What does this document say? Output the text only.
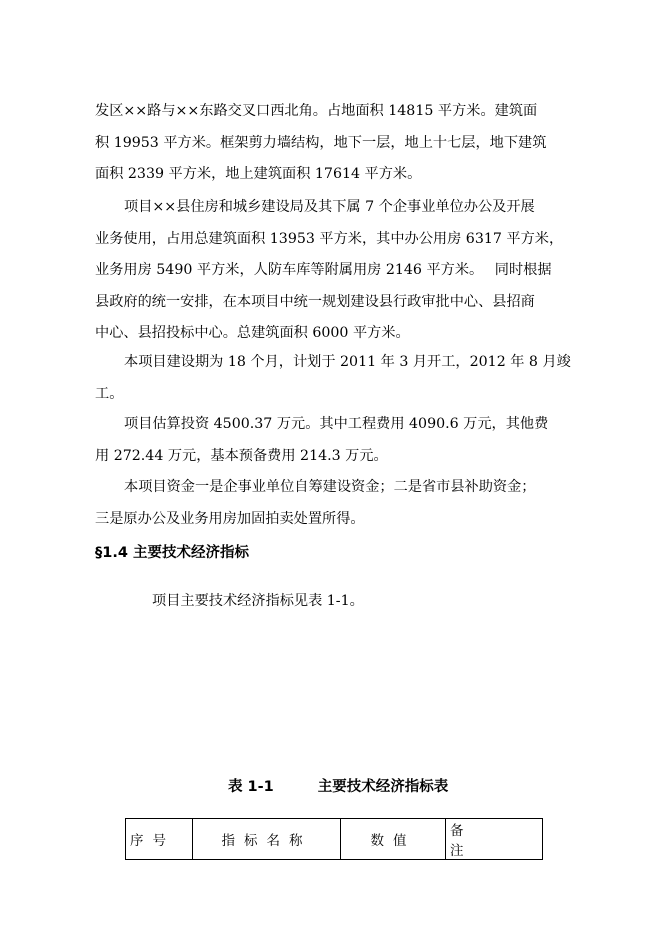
发区××路与××东路交叉口西北角。占地面积 14815 平方米。建筑面
积 19953 平方米。框架剪力墙结构，地下一层，地上十七层，地下建筑
面积 2339 平方米，地上建筑面积 17614 平方米。

项目××县住房和城乡建设局及其下属 7 个企事业单位办公及开展
业务使用，占用总建筑面积 13953 平方米，其中办公用房 6317 平方米，
业务用房 5490 平方米，人防车库等附属用房 2146 平方米。　 同时根据
县政府的统一安排，在本项目中统一规划建设县行政审批中心、县招商
中心、县招投标中心。总建筑面积 6000 平方米。

本项目建设期为 18 个月，计划于 2011 年 3 月开工，2012 年 8 月竣
工。

项目估算投资 4500.37 万元。其中工程费用 4090.6 万元，其他费
用 272.44 万元，基本预备费用 214.3 万元。

本项目资金一是企事业单位自筹建设资金；二是省市县补助资金；
三是原办公及业务用房加固拍卖处置所得。

§1.4 主要技术经济指标

项目主要技术经济指标见表 1-1。

表 1-1	主要技术经济指标表
序号	指标名称	数值	备注
